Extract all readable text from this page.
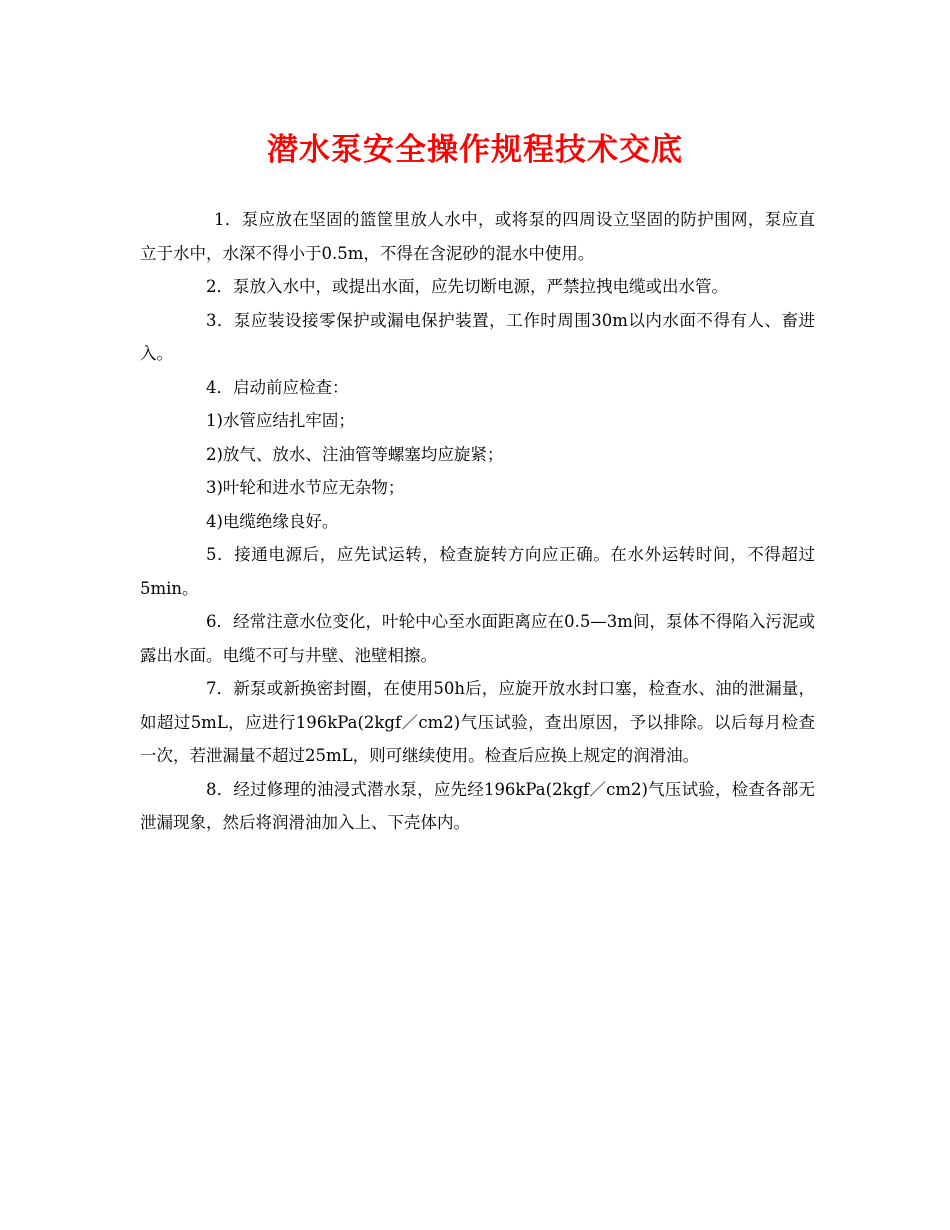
潜水泵安全操作规程技术交底

1．泵应放在坚固的篮筐里放人水中，或将泵的四周设立坚固的防护围网，泵应直立于水中，水深不得小于0.5m，不得在含泥砂的混水中使用。

2．泵放入水中，或提出水面，应先切断电源，严禁拉拽电缆或出水管。

3．泵应装设接零保护或漏电保护装置，工作时周围30m以内水面不得有人、畜进入。

4．启动前应检查：

1)水管应结扎牢固；

2)放气、放水、注油管等螺塞均应旋紧；

3)叶轮和进水节应无杂物；

4)电缆绝缘良好。

5．接通电源后，应先试运转，检查旋转方向应正确。在水外运转时间，不得超过5min。

6．经常注意水位变化，叶轮中心至水面距离应在0.5—3m间，泵体不得陷入污泥或露出水面。电缆不可与井壁、池壁相擦。

7．新泵或新换密封圈，在使用50h后，应旋开放水封口塞，检查水、油的泄漏量，如超过5mL，应进行196kPa(2kgf／cm2)气压试验，查出原因，予以排除。以后每月检查一次，若泄漏量不超过25mL，则可继续使用。检查后应换上规定的润滑油。

8．经过修理的油浸式潜水泵，应先经196kPa(2kgf／cm2)气压试验，检查各部无泄漏现象，然后将润滑油加入上、下壳体内。
